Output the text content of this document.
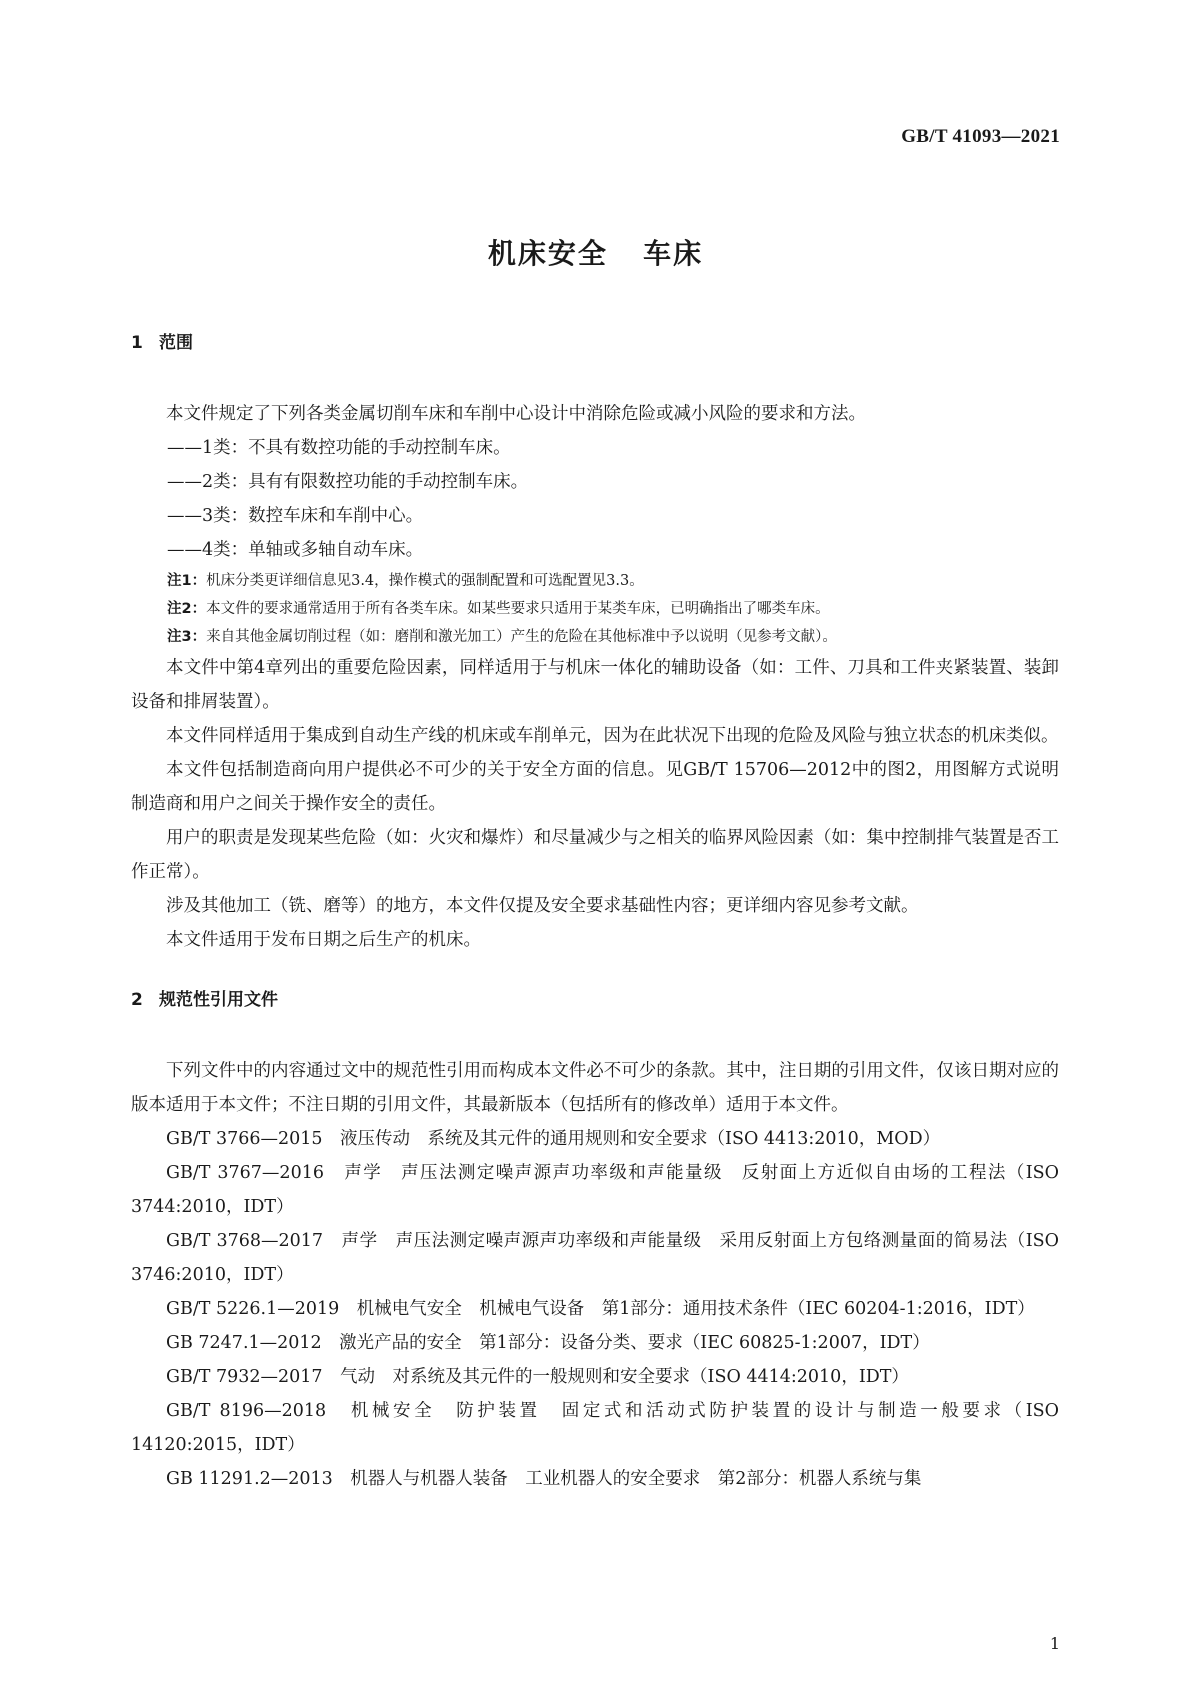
GB/T 41093—2021
机床安全   车床
1 范围

本文件规定了下列各类金属切削车床和车削中心设计中消除危险或减小风险的要求和方法。

——1类：不具有数控功能的手动控制车床。

——2类：具有有限数控功能的手动控制车床。

——3类：数控车床和车削中心。

——4类：单轴或多轴自动车床。

注1：机床分类更详细信息见3.4，操作模式的强制配置和可选配置见3.3。

注2：本文件的要求通常适用于所有各类车床。如某些要求只适用于某类车床，已明确指出了哪类车床。

注3：来自其他金属切削过程（如：磨削和激光加工）产生的危险在其他标准中予以说明（见参考文献）。

本文件中第4章列出的重要危险因素，同样适用于与机床一体化的辅助设备（如：工件、刀具和工件夹紧装置、装卸设备和排屑装置）。

本文件同样适用于集成到自动生产线的机床或车削单元，因为在此状况下出现的危险及风险与独立状态的机床类似。

本文件包括制造商向用户提供必不可少的关于安全方面的信息。见GB/T 15706—2012中的图2，用图解方式说明制造商和用户之间关于操作安全的责任。

用户的职责是发现某些危险（如：火灾和爆炸）和尽量减少与之相关的临界风险因素（如：集中控制排气装置是否工作正常）。

涉及其他加工（铣、磨等）的地方，本文件仅提及安全要求基础性内容；更详细内容见参考文献。

本文件适用于发布日期之后生产的机床。

2 规范性引用文件

下列文件中的内容通过文中的规范性引用而构成本文件必不可少的条款。其中，注日期的引用文件，仅该日期对应的版本适用于本文件；不注日期的引用文件，其最新版本（包括所有的修改单）适用于本文件。

GB/T 3766—2015　液压传动　系统及其元件的通用规则和安全要求（ISO 4413:2010，MOD）

GB/T 3767—2016　声学　声压法测定噪声源声功率级和声能量级　反射面上方近似自由场的工程法（ISO 3744:2010，IDT）

GB/T 3768—2017　声学　声压法测定噪声源声功率级和声能量级　采用反射面上方包络测量面的简易法（ISO 3746:2010，IDT）

GB/T 5226.1—2019　机械电气安全　机械电气设备　第1部分：通用技术条件（IEC 60204-1:2016，IDT）

GB 7247.1—2012　激光产品的安全　第1部分：设备分类、要求（IEC 60825-1:2007，IDT）

GB/T 7932—2017　气动　对系统及其元件的一般规则和安全要求（ISO 4414:2010，IDT）

GB/T 8196—2018　机械安全　防护装置　固定式和活动式防护装置的设计与制造一般要求（ISO 14120:2015，IDT）

GB 11291.2—2013　机器人与机器人装备　工业机器人的安全要求　第2部分：机器人系统与集

1
